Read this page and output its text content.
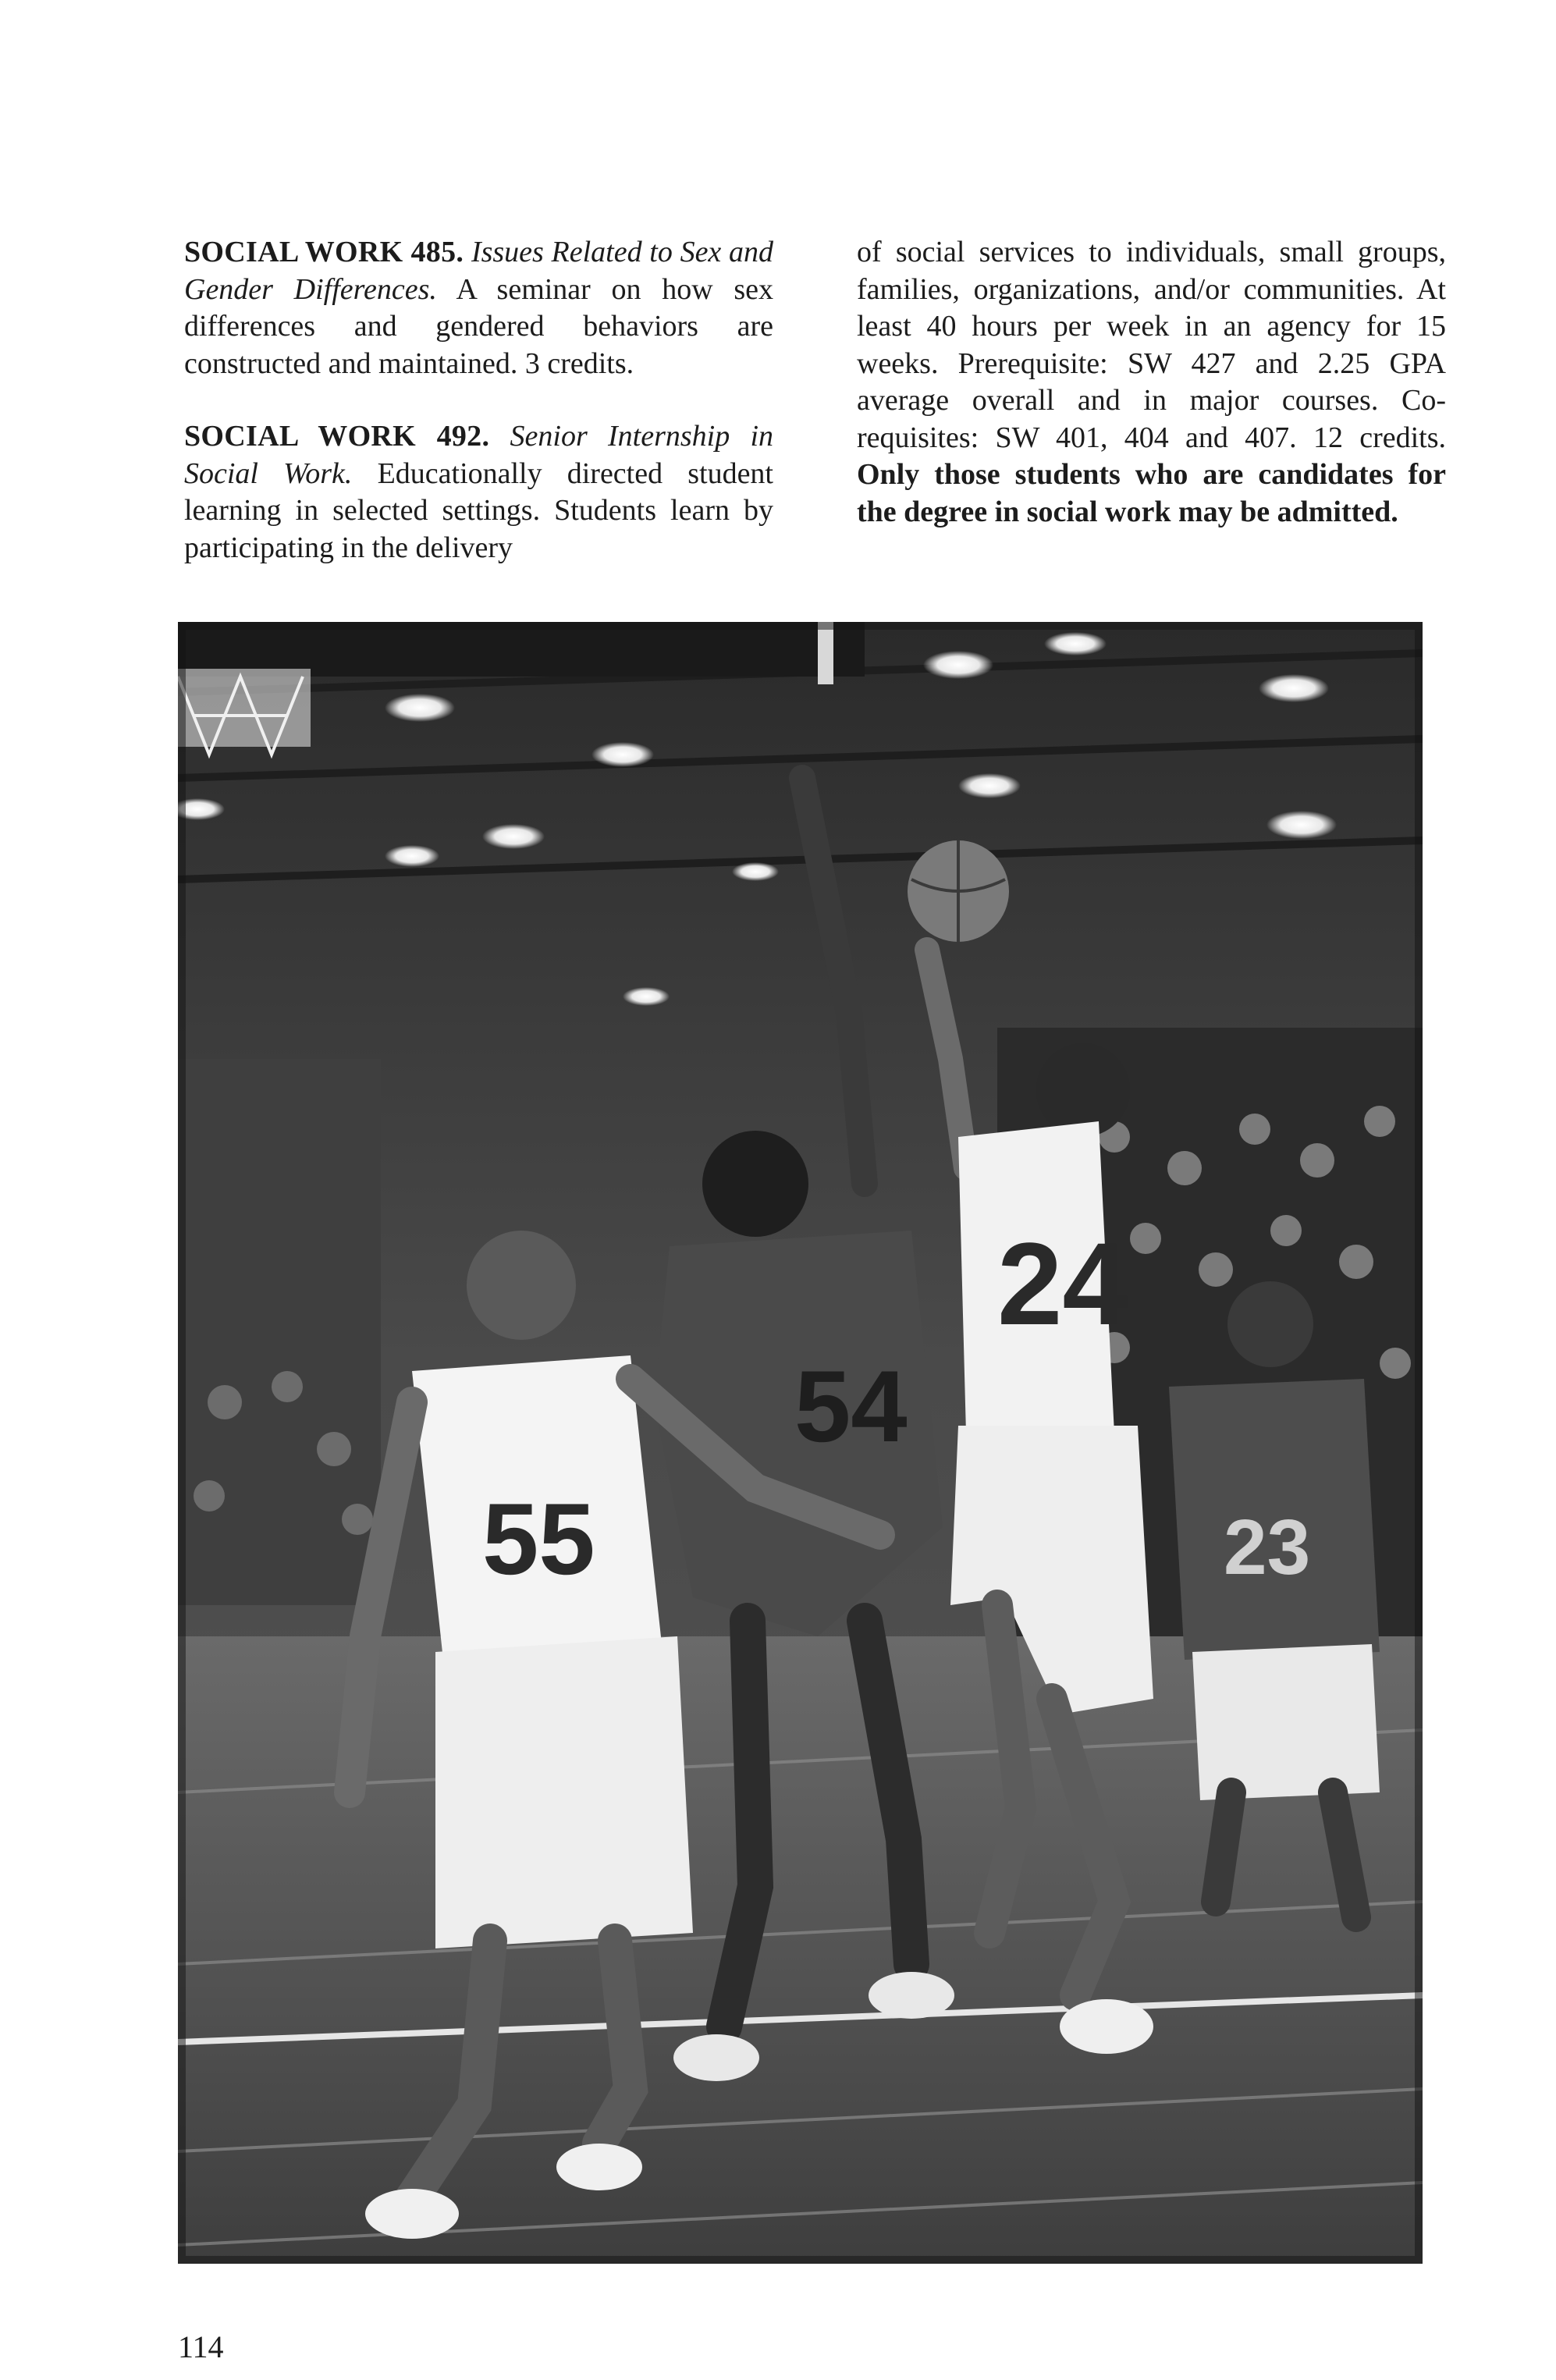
SOCIAL WORK 485. Issues Related to Sex and Gender Differences. A seminar on how sex differences and gendered behaviors are constructed and maintained. 3 credits.

SOCIAL WORK 492. Senior Internship in Social Work. Educationally directed student learning in selected settings. Students learn by participating in the delivery

of social services to individuals, small groups, families, organizations, and/or communities. At least 40 hours per week in an agency for 15 weeks. Prerequisite: SW 427 and 2.25 GPA average overall and in major courses. Co-requisites: SW 401, 404 and 407. 12 credits. Only those students who are candidates for the degree in social work may be admitted.

24
54
55	23
114
